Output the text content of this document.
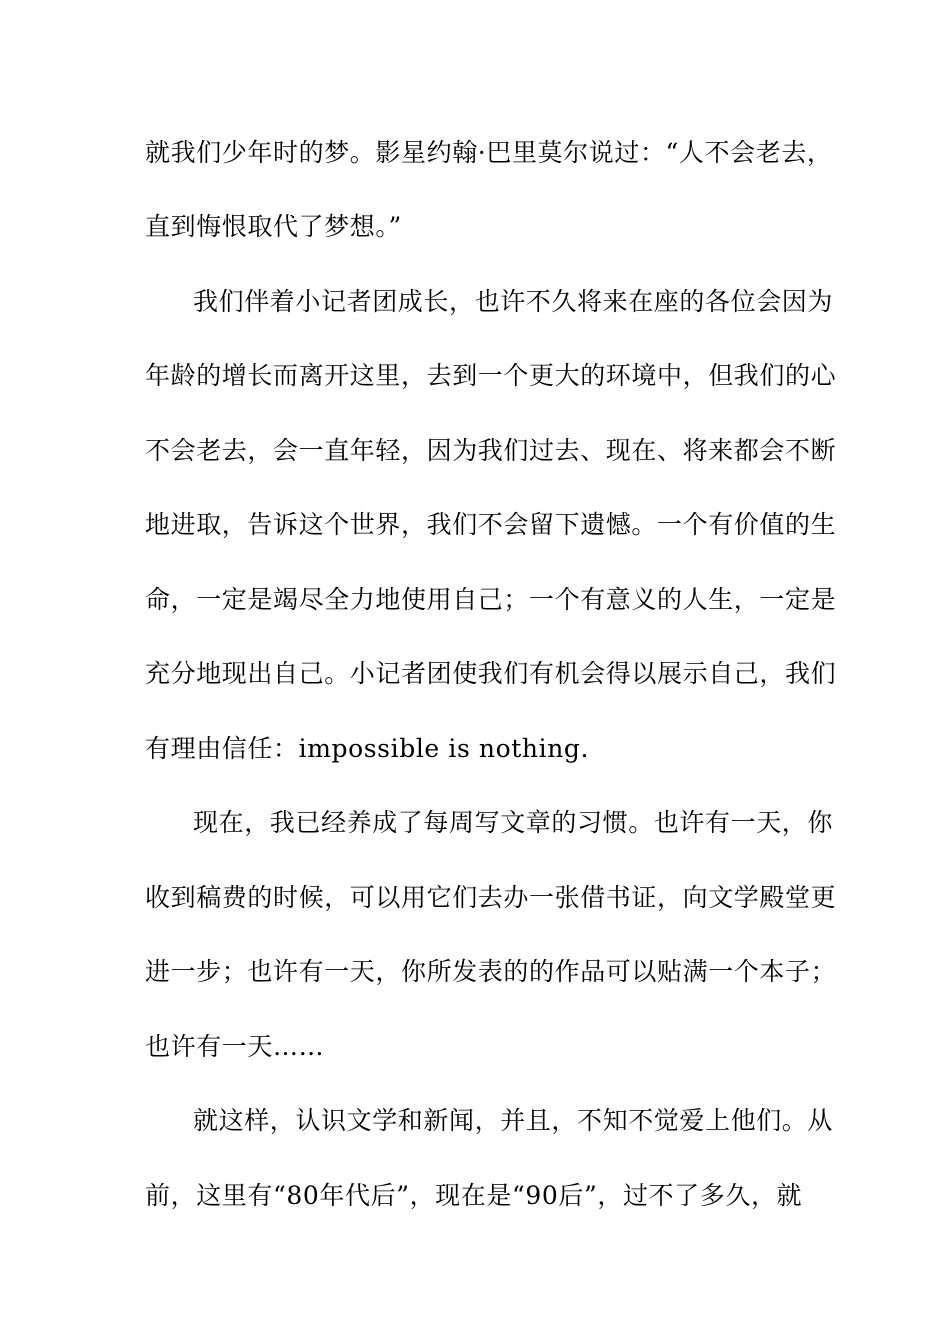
就我们少年时的梦。影星约翰·巴里莫尔说过：“人不会老去，
直到悔恨取代了梦想。”
我们伴着小记者团成长，也许不久将来在座的各位会因为
年龄的增长而离开这里，去到一个更大的环境中，但我们的心
不会老去，会一直年轻，因为我们过去、现在、将来都会不断
地进取，告诉这个世界，我们不会留下遗憾。一个有价值的生
命，一定是竭尽全力地使用自己；一个有意义的人生，一定是
充分地现出自己。小记者团使我们有机会得以展示自己，我们
有理由信任：impossible is nothing.
现在，我已经养成了每周写文章的习惯。也许有一天，你
收到稿费的时候，可以用它们去办一张借书证，向文学殿堂更
进一步；也许有一天，你所发表的的作品可以贴满一个本子；
也许有一天……
就这样，认识文学和新闻，并且，不知不觉爱上他们。从
前，这里有“80年代后”，现在是“90后”，过不了多久，就
